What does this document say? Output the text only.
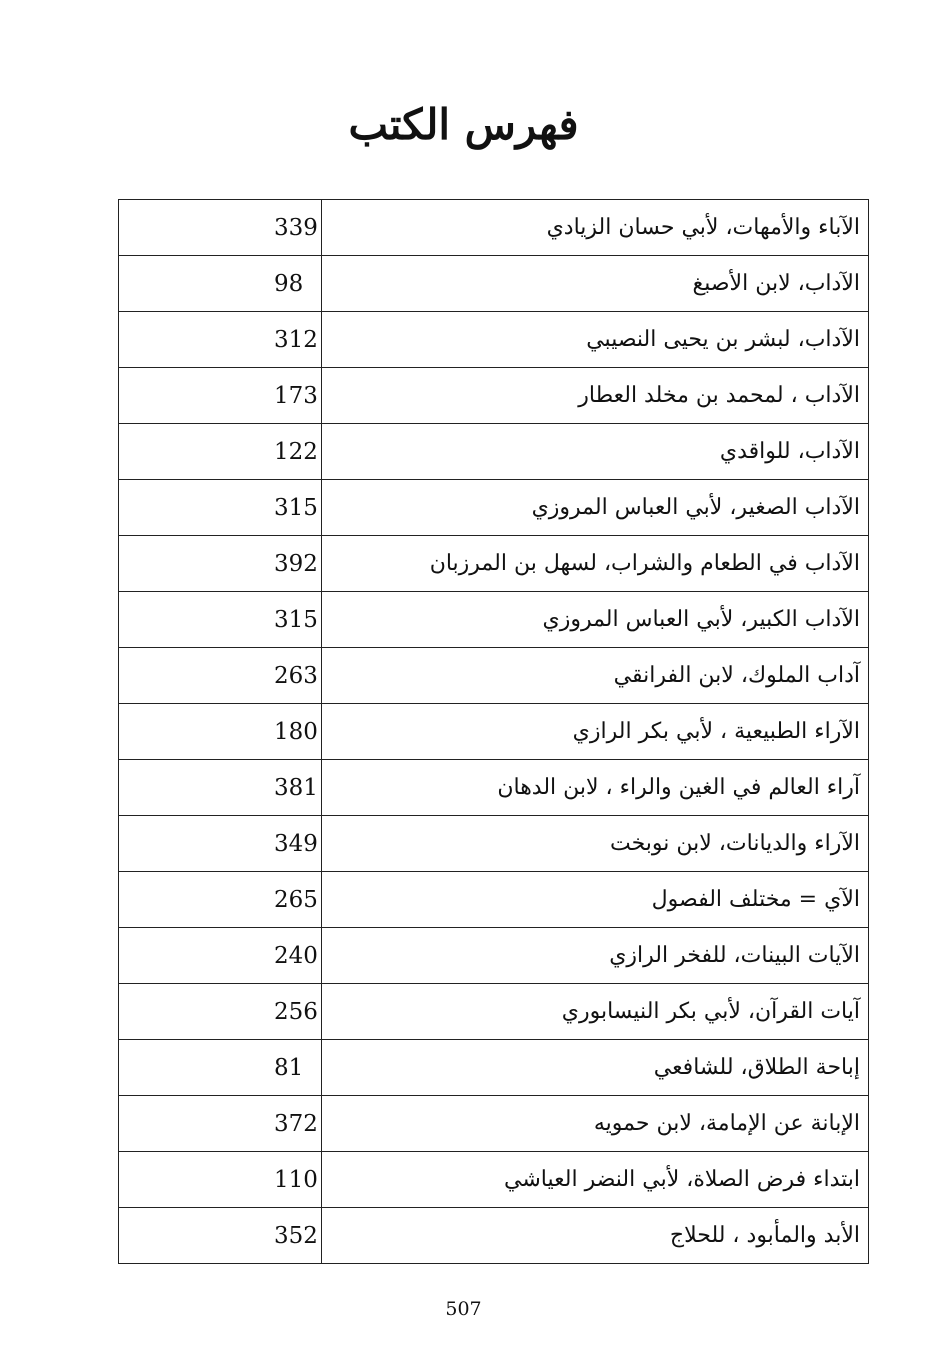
فهرس الكتب
الآباء والأمهات، لأبي حسان الزيادي	339
الآداب، لابن الأصبغ	98
الآداب، لبشر بن يحيى النصيبي	312
الآداب ، لمحمد بن مخلد العطار	173
الآداب، للواقدي	122
الآداب الصغير، لأبي العباس المروزي	315
الآداب في الطعام والشراب، لسهل بن المرزبان	392
الآداب الكبير، لأبي العباس المروزي	315
آداب الملوك، لابن الفرانقي	263
الآراء الطبيعية ، لأبي بكر الرازي	180
آراء العالم في الغين والراء ، لابن الدهان	381
الآراء والديانات، لابن نوبخت	349
الآي = مختلف الفصول	265
الآيات البينات، للفخر الرازي	240
آيات القرآن، لأبي بكر النيسابوري	256
إباحة الطلاق، للشافعي	81
الإبانة عن الإمامة، لابن حمويه	372
ابتداء فرض الصلاة، لأبي النضر العياشي	110
الأبد والمأبود ، للحلاج	352
507
